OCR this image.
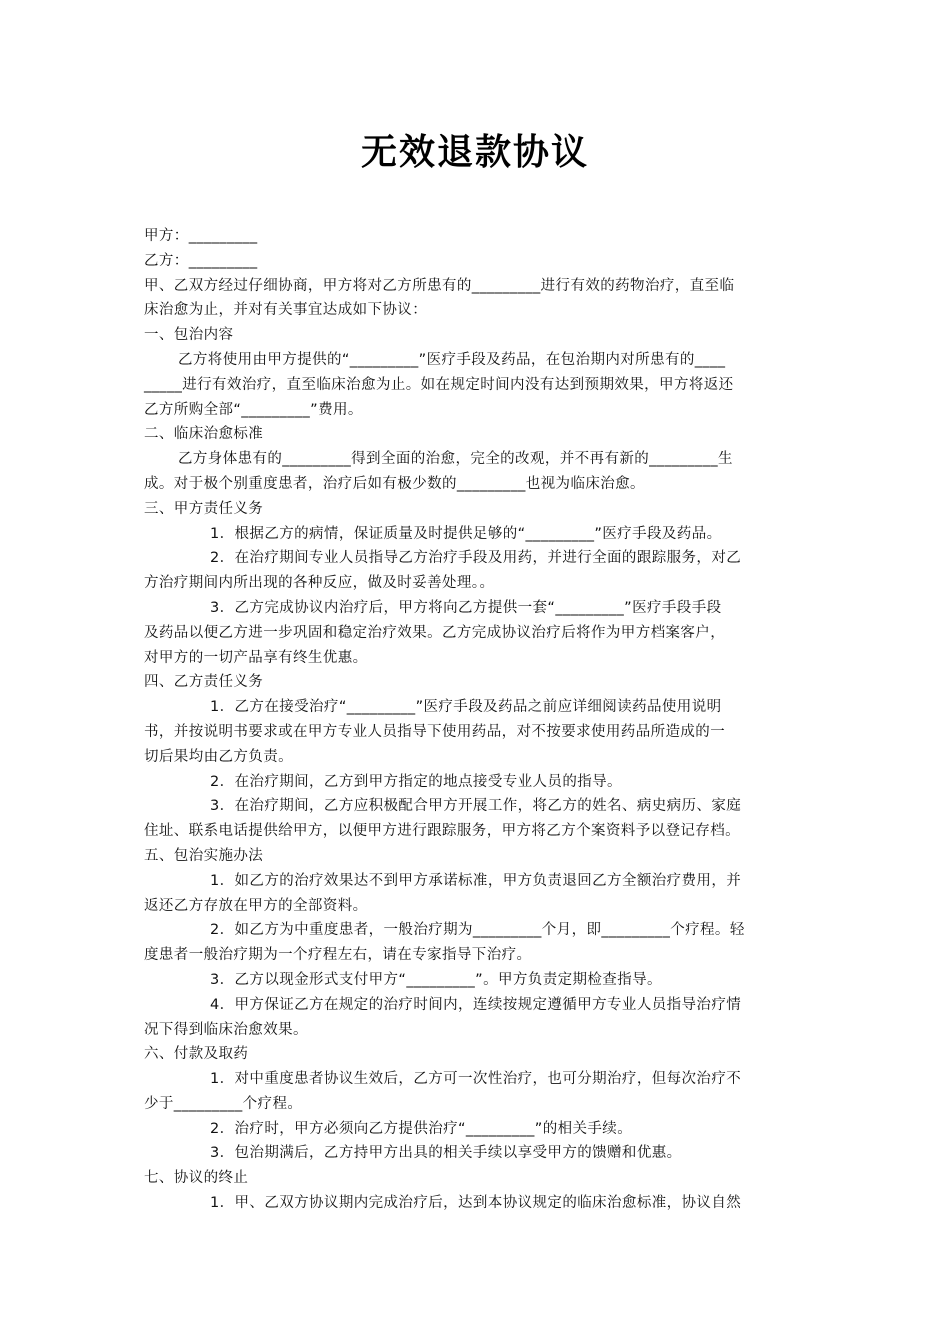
无效退款协议
甲方：_________
乙方：_________
甲、乙双方经过仔细协商，甲方将对乙方所患有的_________进行有效的药物治疗，直至临
床治愈为止，并对有关事宜达成如下协议：
一、包治内容
乙方将使用由甲方提供的“_________”医疗手段及药品，在包治期内对所患有的____
_____进行有效治疗，直至临床治愈为止。如在规定时间内没有达到预期效果，甲方将返还
乙方所购全部“_________”费用。
二、临床治愈标准
乙方身体患有的_________得到全面的治愈，完全的改观，并不再有新的_________生
成。对于极个别重度患者，治疗后如有极少数的_________也视为临床治愈。
三、甲方责任义务
1．根据乙方的病情，保证质量及时提供足够的“_________”医疗手段及药品。
2．在治疗期间专业人员指导乙方治疗手段及用药，并进行全面的跟踪服务，对乙
方治疗期间内所出现的各种反应，做及时妥善处理。。
3．乙方完成协议内治疗后，甲方将向乙方提供一套“_________”医疗手段手段
及药品以便乙方进一步巩固和稳定治疗效果。乙方完成协议治疗后将作为甲方档案客户，
对甲方的一切产品享有终生优惠。
四、乙方责任义务
1．乙方在接受治疗“_________”医疗手段及药品之前应详细阅读药品使用说明
书，并按说明书要求或在甲方专业人员指导下使用药品，对不按要求使用药品所造成的一
切后果均由乙方负责。
2．在治疗期间，乙方到甲方指定的地点接受专业人员的指导。
3．在治疗期间，乙方应积极配合甲方开展工作，将乙方的姓名、病史病历、家庭
住址、联系电话提供给甲方，以便甲方进行跟踪服务，甲方将乙方个案资料予以登记存档。
五、包治实施办法
1．如乙方的治疗效果达不到甲方承诺标准，甲方负责退回乙方全额治疗费用，并
返还乙方存放在甲方的全部资料。
2．如乙方为中重度患者，一般治疗期为_________个月，即_________个疗程。轻
度患者一般治疗期为一个疗程左右，请在专家指导下治疗。
3．乙方以现金形式支付甲方“_________”。甲方负责定期检查指导。
4．甲方保证乙方在规定的治疗时间内，连续按规定遵循甲方专业人员指导治疗情
况下得到临床治愈效果。
六、付款及取药
1．对中重度患者协议生效后，乙方可一次性治疗，也可分期治疗，但每次治疗不
少于_________个疗程。
2．治疗时，甲方必须向乙方提供治疗“_________”的相关手续。
3．包治期满后，乙方持甲方出具的相关手续以享受甲方的馈赠和优惠。
七、协议的终止
1．甲、乙双方协议期内完成治疗后，达到本协议规定的临床治愈标准，协议自然
